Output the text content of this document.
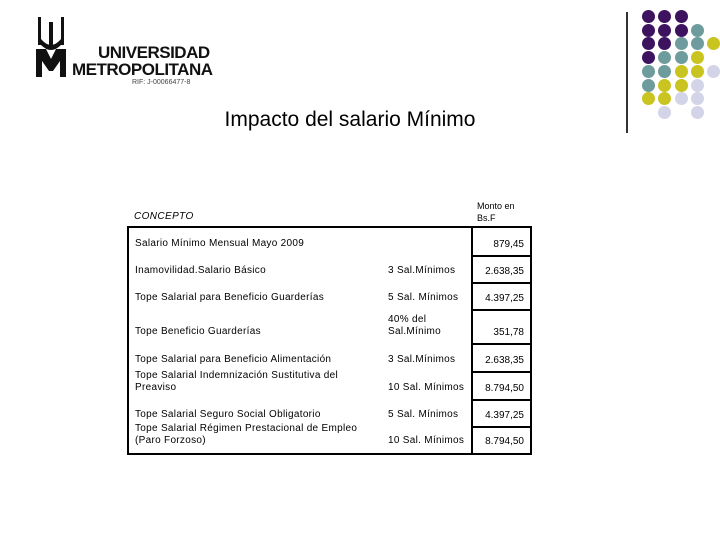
UNIVERSIDAD
METROPOLITANA
RIF: J-00066477-8
Impacto del salario Mínimo
CONCEPTO
Monto en
Bs.F
Salario Mínimo Mensual Mayo 2009	879,45
Inamovilidad.Salario Básico	3 Sal.Mínimos	2.638,35
Tope Salarial para Beneficio Guarderías	5 Sal. Mínimos	4.397,25
Tope Beneficio Guarderías
40% del Sal.Mínimo	351,78
Tope Salarial para Beneficio Alimentación	3 Sal.Mínimos	2.638,35
Tope Salarial Indemnización Sustitutiva del Preaviso	10 Sal. Mínimos	8.794,50
Tope Salarial Seguro Social Obligatorio	5 Sal. Mínimos	4.397,25
Tope Salarial Régimen Prestacional de Empleo (Paro Forzoso)	10 Sal. Mínimos	8.794,50
